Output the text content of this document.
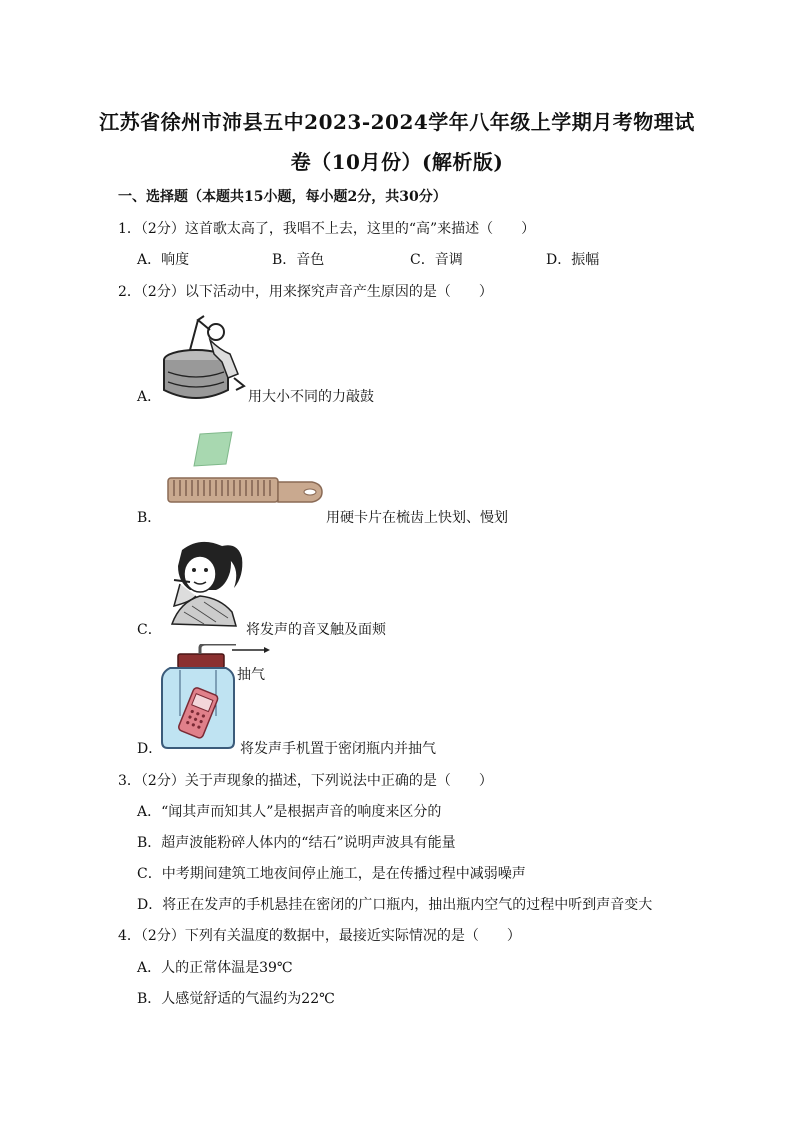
江苏省徐州市沛县五中2023-2024学年八年级上学期月考物理试
卷（10月份）(解析版)
一、选择题（本题共15小题，每小题2分，共30分）
1．（2分）这首歌太高了，我唱不上去，这里的“高”来描述（　　）
A．响度	B．音色	C．音调	D．振幅
2．（2分）以下活动中，用来探究声音产生原因的是（　　）
A．	用大小不同的力敲鼓
B．	用硬卡片在梳齿上快划、慢划
C．	将发声的音叉触及面颊
抽气
D．	将发声手机置于密闭瓶内并抽气
3．（2分）关于声现象的描述，下列说法中正确的是（　　）
A．“闻其声而知其人”是根据声音的响度来区分的
B．超声波能粉碎人体内的“结石”说明声波具有能量
C．中考期间建筑工地夜间停止施工，是在传播过程中减弱噪声
D．将正在发声的手机悬挂在密闭的广口瓶内，抽出瓶内空气的过程中听到声音变大
4．（2分）下列有关温度的数据中，最接近实际情况的是（　　）
A．人的正常体温是39℃
B．人感觉舒适的气温约为22℃
